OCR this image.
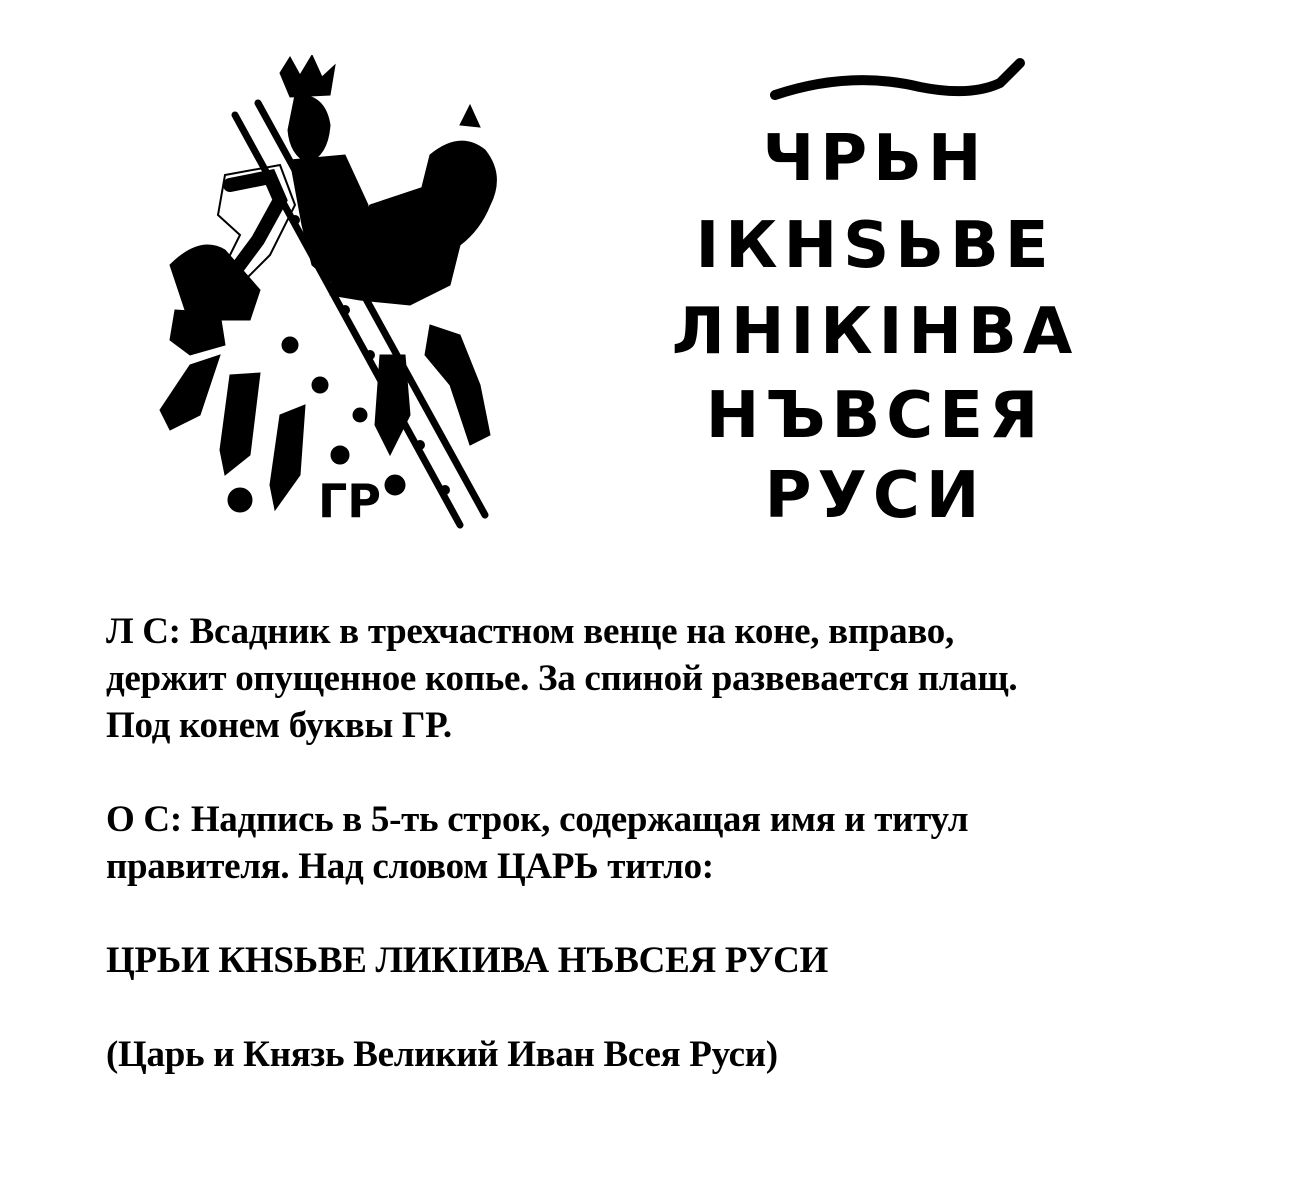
ГР
ЧРЬН
ІКНЅЬВЕ
ЛНІКІНВА
НЪВСЕЯ
РУСИ

Л С: Всадник в трехчастном венце на коне, вправо,

держит опущенное копье. За спиной развевается плащ.

Под конем буквы ГР.

О С: Надпись в 5-ть строк, содержащая имя и титул

правителя. Над словом ЦАРЬ титло:

ЦРЬИ КНЅЬВЕ ЛИКІИВА НЪВСЕЯ РУСИ

(Царь и Князь Великий Иван Всея Руси)
